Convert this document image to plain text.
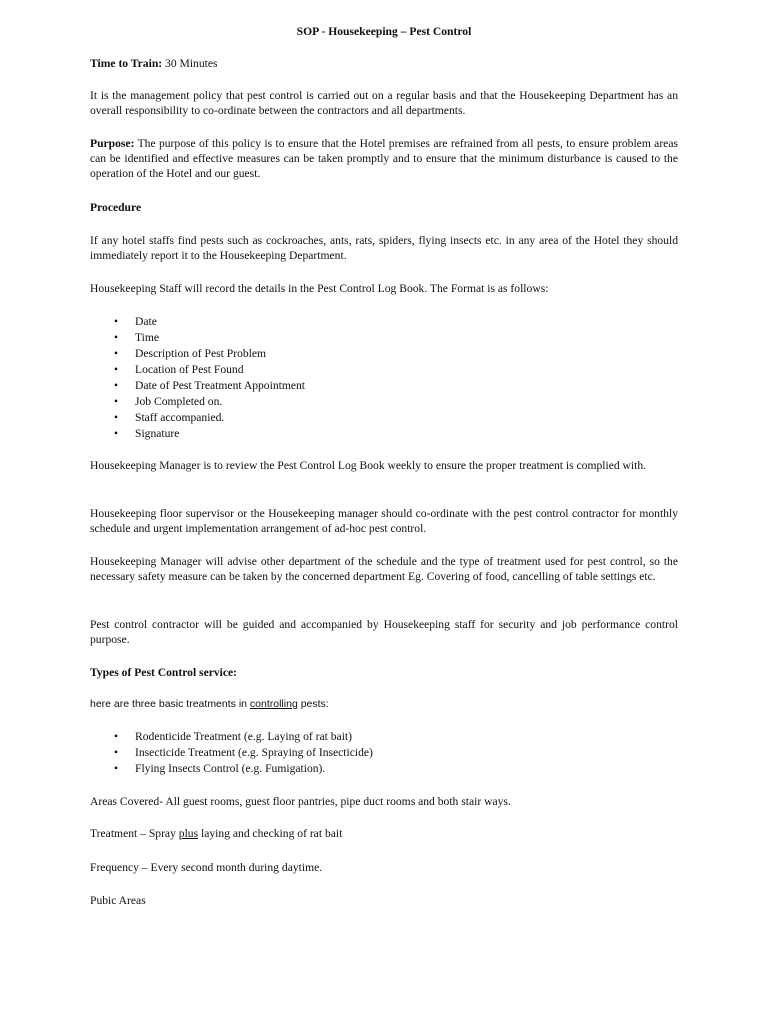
SOP - Housekeeping – Pest Control

Time to Train: 30 Minutes

It is the management policy that pest control is carried out on a regular basis and that the Housekeeping Department has an overall responsibility to co-ordinate between the contractors and all departments.

Purpose: The purpose of this policy is to ensure that the Hotel premises are refrained from all pests, to ensure problem areas can be identified and effective measures can be taken promptly and to ensure that the minimum disturbance is caused to the operation of the Hotel and our guest.

Procedure

If any hotel staffs find pests such as cockroaches, ants, rats, spiders, flying insects etc. in any area of the Hotel they should immediately report it to the Housekeeping Department.

Housekeeping Staff will record the details in the Pest Control Log Book. The Format is as follows:

• Date
• Time
• Description of Pest Problem
• Location of Pest Found
• Date of Pest Treatment Appointment
• Job Completed on.
• Staff accompanied.
• Signature

Housekeeping Manager is to review the Pest Control Log Book weekly to ensure the proper treatment is complied with.

Housekeeping floor supervisor or the Housekeeping manager should co-ordinate with the pest control contractor for monthly schedule and urgent implementation arrangement of ad-hoc pest control.

Housekeeping Manager will advise other department of the schedule and the type of treatment used for pest control, so the necessary safety measure can be taken by the concerned department Eg. Covering of food, cancelling of table settings etc.

Pest control contractor will be guided and accompanied by Housekeeping staff for security and job performance control purpose.

Types of Pest Control service:

here are three basic treatments in controlling pests:

• Rodenticide Treatment (e.g. Laying of rat bait)
• Insecticide Treatment (e.g. Spraying of Insecticide)
• Flying Insects Control (e.g. Fumigation).

Areas Covered- All guest rooms, guest floor pantries, pipe duct rooms and both stair ways.

Treatment – Spray plus laying and checking of rat bait

Frequency – Every second month during daytime.

Pubic Areas
